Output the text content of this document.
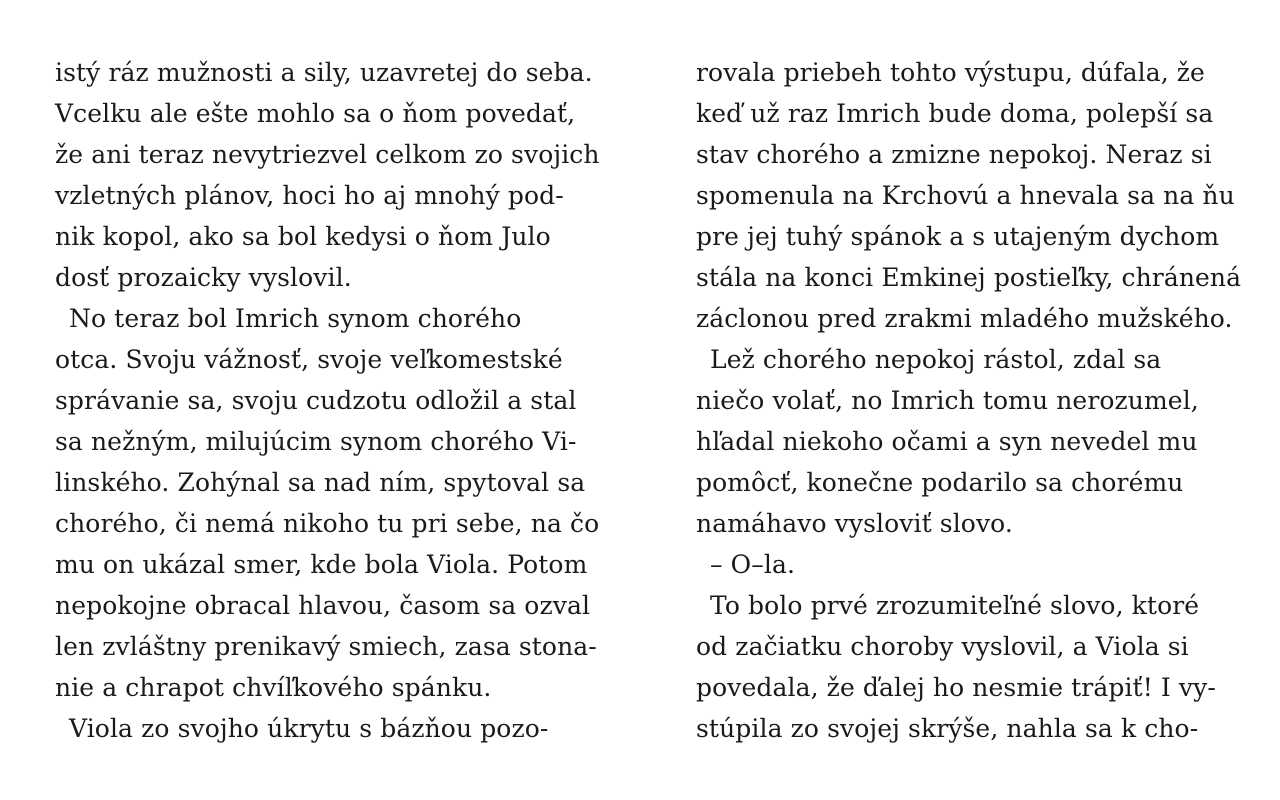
istý ráz mužnosti a sily, uzavretej do seba.
Vcelku ale ešte mohlo sa o ňom povedať,
že ani teraz nevytriezvel celkom zo svojich
vzletných plánov, hoci ho aj mnohý pod-
nik kopol, ako sa bol kedysi o ňom Julo
dosť prozaicky vyslovil.
No teraz bol Imrich synom chorého
otca. Svoju vážnosť, svoje veľkomestské
správanie sa, svoju cudzotu odložil a stal
sa nežným, milujúcim synom chorého Vi-
linského. Zohýnal sa nad ním, spytoval sa
chorého, či nemá nikoho tu pri sebe, na čo
mu on ukázal smer, kde bola Viola. Potom
nepokojne obracal hlavou, časom sa ozval
len zvláštny prenikavý smiech, zasa stona-
nie a chrapot chvíľkového spánku.
Viola zo svojho úkrytu s bázňou pozo-
rovala priebeh tohto výstupu, dúfala, že
keď už raz Imrich bude doma, polepší sa
stav chorého a zmizne nepokoj. Neraz si
spomenula na Krchovú a hnevala sa na ňu
pre jej tuhý spánok a s utajeným dychom
stála na konci Emkinej postieľky, chránená
záclonou pred zrakmi mladého mužského.
Lež chorého nepokoj rástol, zdal sa
niečo volať, no Imrich tomu nerozumel,
hľadal niekoho očami a syn nevedel mu
pomôcť, konečne podarilo sa chorému
namáhavo vysloviť slovo.
– O–la.
To bolo prvé zrozumiteľné slovo, ktoré
od začiatku choroby vyslovil, a Viola si
povedala, že ďalej ho nesmie trápiť! I vy-
stúpila zo svojej skrýše, nahla sa k cho-
